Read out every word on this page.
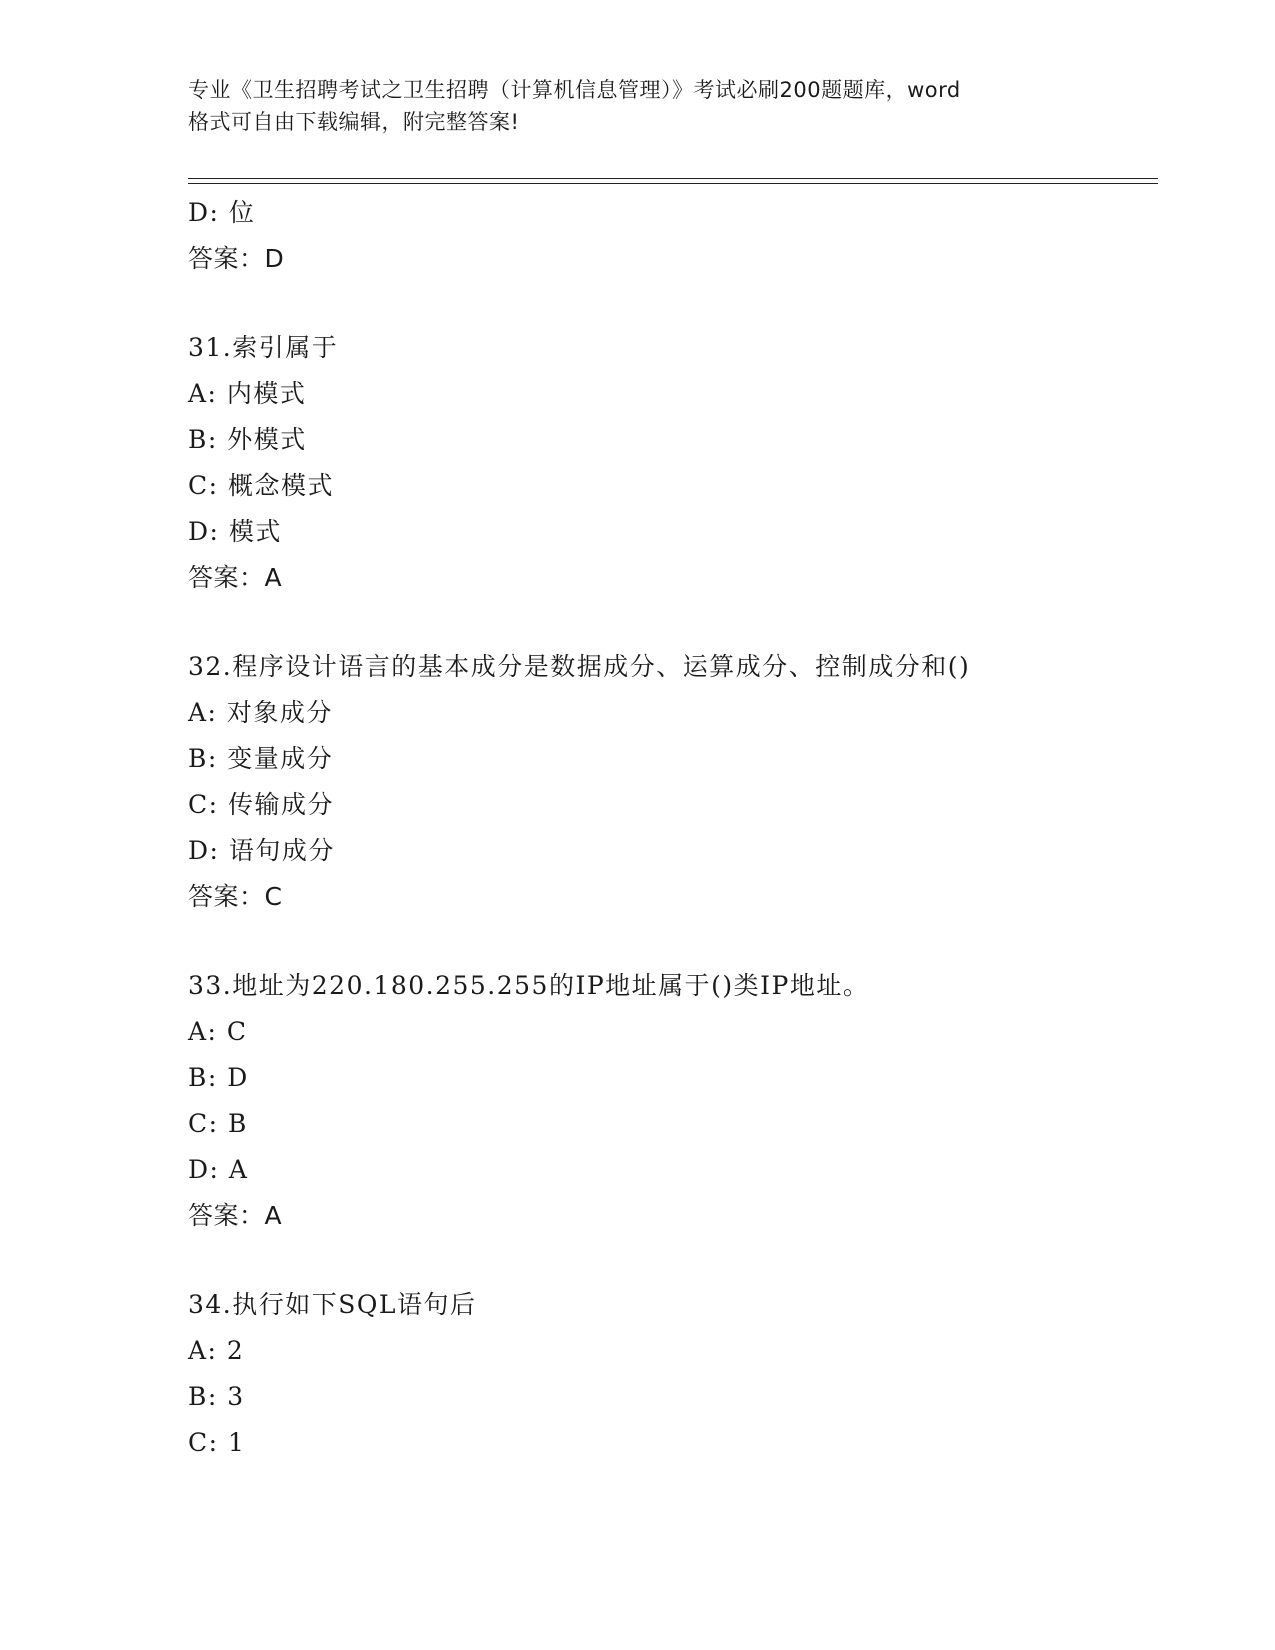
专业《卫生招聘考试之卫生招聘（计算机信息管理）》考试必刷200题题库，word
格式可自由下载编辑，附完整答案!
D: 位
答案：D
31.索引属于
A: 内模式
B: 外模式
C: 概念模式
D: 模式
答案：A
32.程序设计语言的基本成分是数据成分、运算成分、控制成分和()
A: 对象成分
B: 变量成分
C: 传输成分
D: 语句成分
答案：C
33.地址为220.180.255.255的IP地址属于()类IP地址。
A: C
B: D
C: B
D: A
答案：A
34.执行如下SQL语句后
A: 2
B: 3
C: 1
